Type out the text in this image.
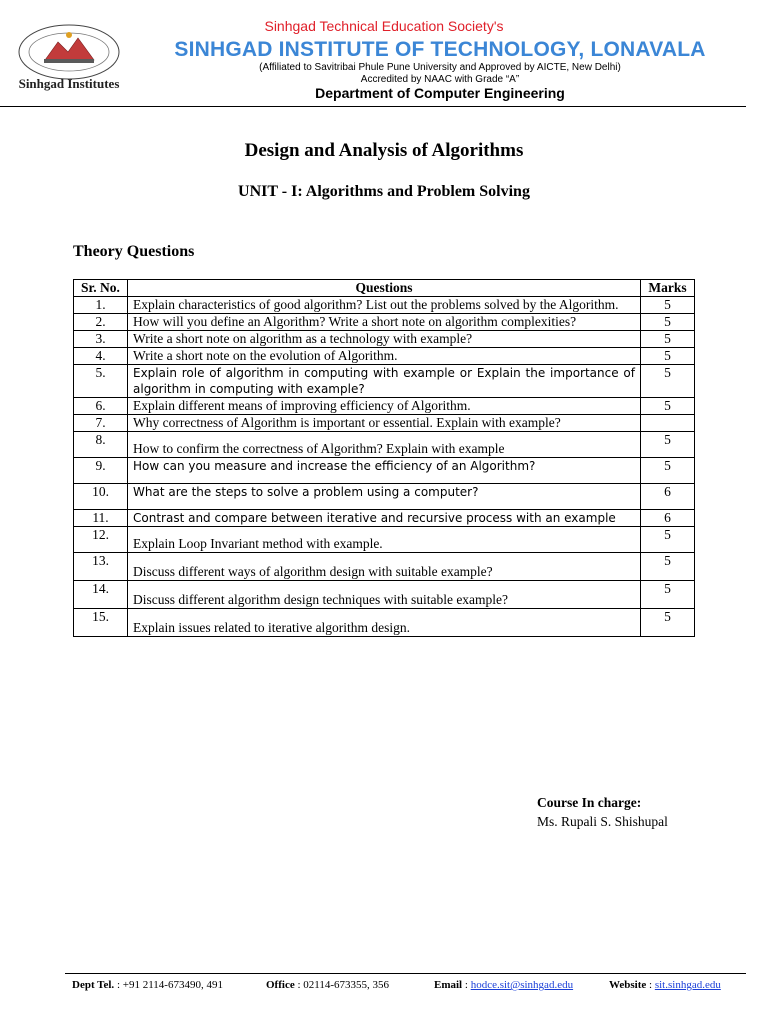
Sinhgad Institutes
Sinhgad Technical Education Society's
SINHGAD INSTITUTE OF TECHNOLOGY, LONAVALA
(Affiliated to Savitribai Phule Pune University and Approved by AICTE, New Delhi)
Accredited by NAAC with Grade “A”
Department of Computer Engineering
Design and Analysis of Algorithms
UNIT - I: Algorithms and Problem Solving
Theory Questions
Sr. No.	Questions	Marks
1.	Explain characteristics of good algorithm? List out the problems solved by the Algorithm.	5
2.	How will you define an Algorithm? Write a short note on algorithm complexities?	5
3.	Write a short note on algorithm as a technology with example?	5
4.	Write a short note on the evolution of Algorithm.	5
5.	Explain role of algorithm in computing with example or Explain the importance of algorithm in computing with example?	5
6.	Explain different means of improving efficiency of Algorithm.	5
7.	Why correctness of Algorithm is important or essential. Explain with example?	
8.	How to confirm the correctness of Algorithm? Explain with example	5
9.	How can you measure and increase the efficiency of an Algorithm?	5
10.	What are the steps to solve a problem using a computer?	6
11.	Contrast and compare between iterative and recursive process with an example	6
12.	Explain Loop Invariant method with example.	5
13.	Discuss different ways of algorithm design with suitable example?	5
14.	Discuss different algorithm design techniques with suitable example?	5
15.	Explain issues related to iterative algorithm design.	5
Course In charge:
Ms. Rupali S. Shishupal
Dept Tel. : +91 2114-673490, 491	Office : 02114-673355, 356	Email : hodce.sit@sinhgad.edu	Website : sit.sinhgad.edu
